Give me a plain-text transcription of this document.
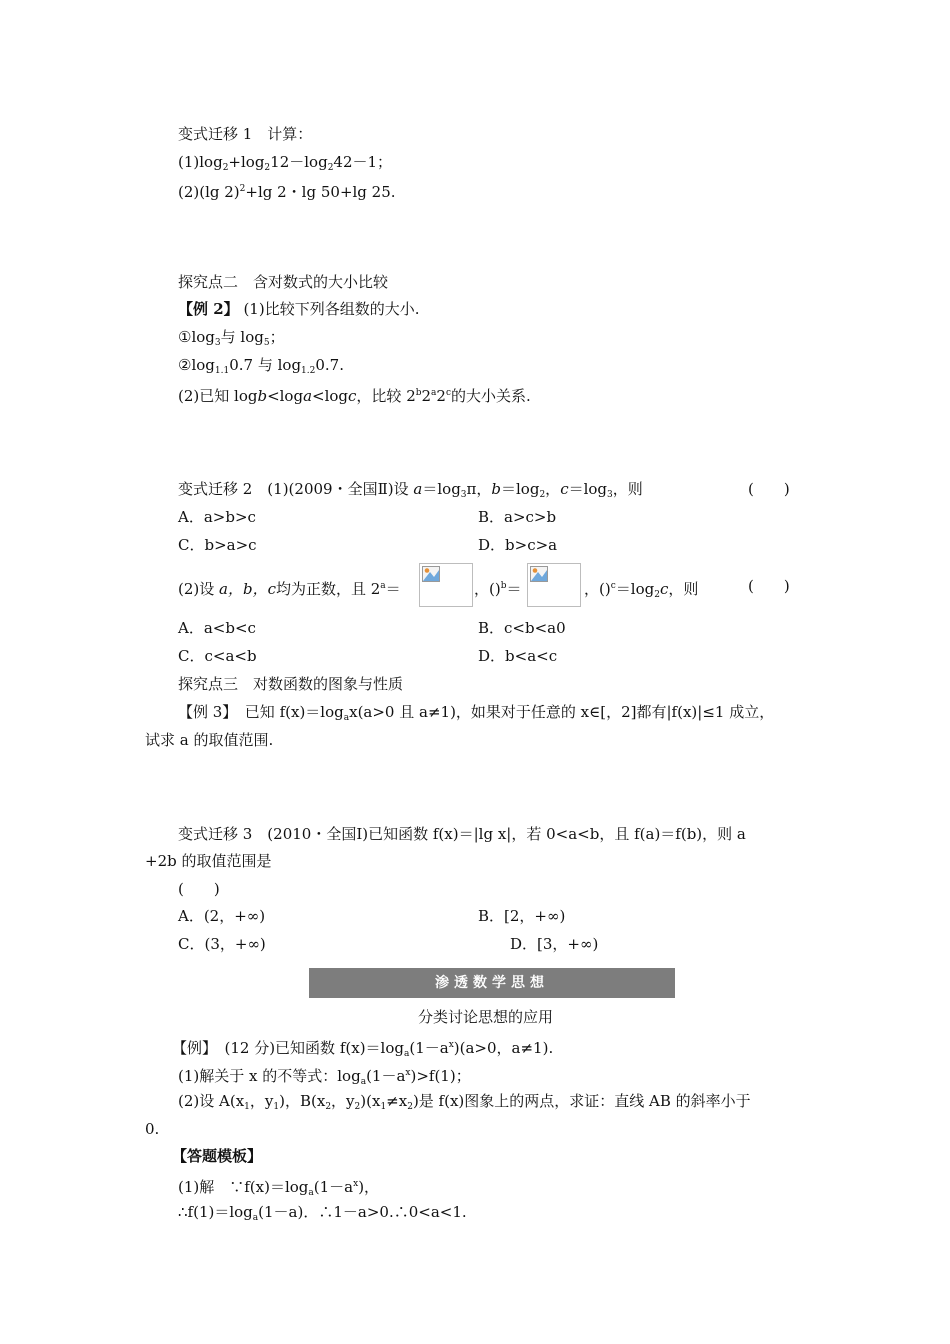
变式迁移 1　计算：
$(1)\log_2+\log_212-\log_242-1$；
(2)(lg 2)$^2$+lg 2・lg 50+lg 25.
探究点二　含对数式的大小比较
【例 2】 (1)比较下列各组数的大小.
$①\log_3$与 $\log_5$；
$②\log_{1.1}0.7$ 与 $\log_{1.2}0.7$.
(2)已知 logb<loga<logc，比较 2$^b$2$^a$2$^c$的大小关系.
变式迁移 2　(1)(2009・全国Ⅱ)设 $a=\log_3\pi$，$b=\log_2$，$c=\log_3$，则	(　　)
A．a>b>c	B．a>c>b
C．b>a>c	D．b>c>a
(2)设 a，b，c均为正数，且 $2^a=$	，()$^b$＝	，$()^c=\log_2c$，则	(　　)
A．a<b<c	B．c<b<a0
C．c<a<b	D．b<a<c
探究点三　对数函数的图象与性质
【例 3】　已知 $f(x)=\log_ax(a>0$ 且 a≠1)，如果对于任意的 x∈[，2]都有|f(x)|≤1 成立，
试求 a 的取值范围.
变式迁移 3　(2010・全国Ⅰ)已知函数 f(x)＝|lg x|，若 0<a<b，且 f(a)＝f(b)，则 a
+2b 的取值范围是
(　　)
A．(2，+∞)	B．[2，+∞)
C．(3，+∞)	D．[3，+∞)
渗透数学思想
分类讨论思想的应用
【例】　(12 分)已知函数 $f(x)=\log_a(1-a^x)(a>0$，a≠1).
(1)解关于 x 的不等式：$\log_a(1-a^x)>f(1)$；
(2)设 $A(x_1$，$y_1$)，$B(x_2$，$y_2)(x_1\ne x_2)$是 f(x)图象上的两点，求证：直线 AB 的斜率小于
0.
【答题模板】
(1)解　$\because f(x)=\log_a(1-a^x)$，
$\therefore f(1)=\log_a(1-a)$．∴1－a>0.∴0<a<1.
